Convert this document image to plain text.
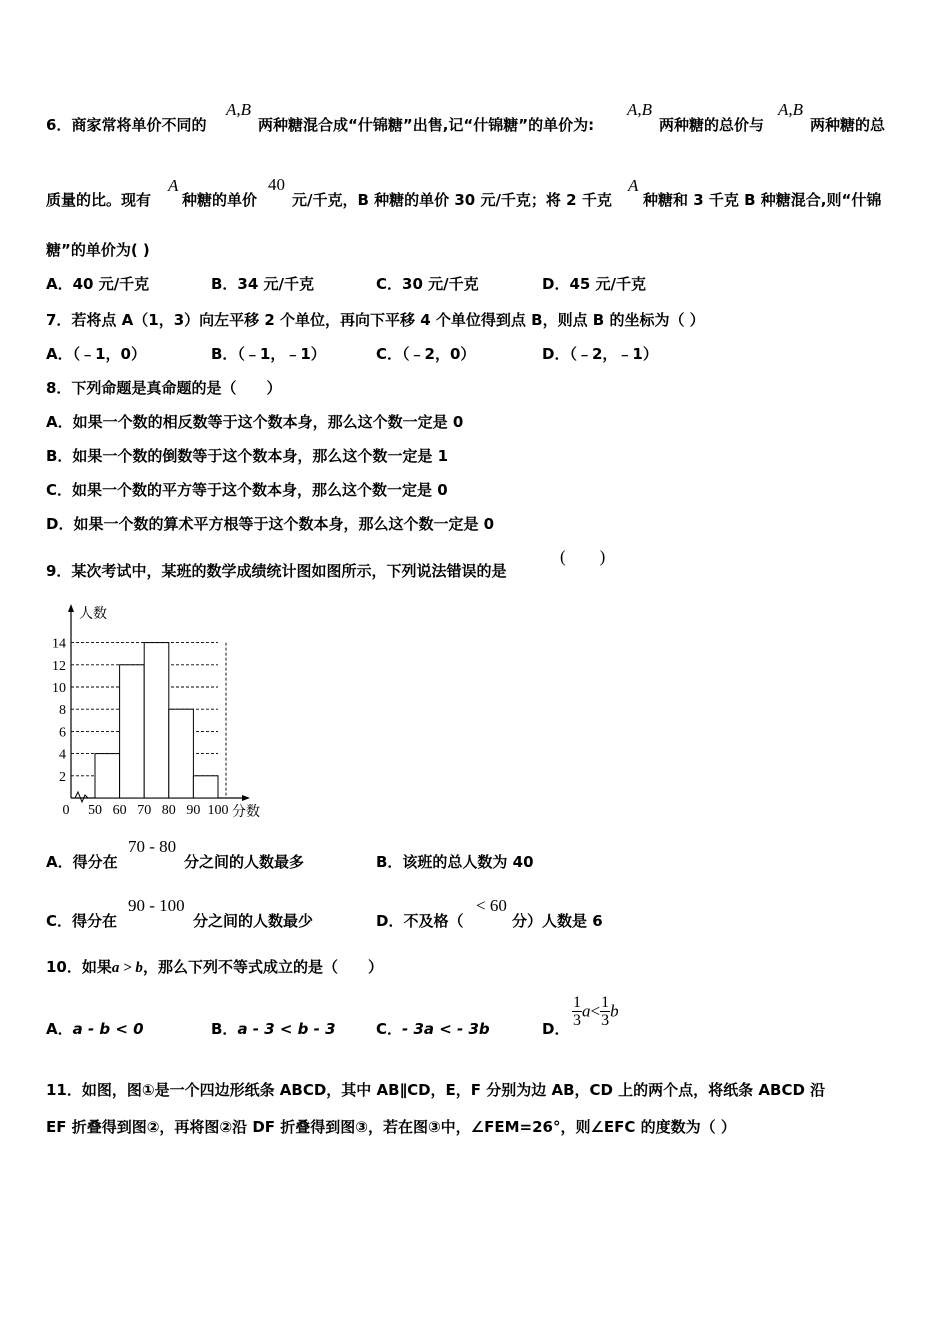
6．商家常将单价不同的
A,B
两种糖混合成“什锦糖”出售,记“什锦糖”的单价为:
A,B
两种糖的总价与
A,B
两种糖的总
质量的比。现有
A
种糖的单价
40
元/千克，B 种糖的单价 30 元/千克；将 2 千克
A
种糖和 3 千克 B 种糖混合,则“什锦
糖”的单价为( )
A．40 元/千克	B．34 元/千克	C．30 元/千克	D．45 元/千克
7．若将点 A（1，3）向左平移 2 个单位，再向下平移 4 个单位得到点 B，则点 B 的坐标为（ ）
A．（﹣1，0）	B．（﹣1，﹣1）	C．（﹣2，0）	D．（﹣2，﹣1）
8．下列命题是真命题的是（　　）
A．如果一个数的相反数等于这个数本身，那么这个数一定是 0
B．如果一个数的倒数等于这个数本身，那么这个数一定是 1
C．如果一个数的平方等于这个数本身，那么这个数一定是 0
D．如果一个数的算术平方根等于这个数本身，那么这个数一定是 0
9．某次考试中，某班的数学成绩统计图如图所示，下列说法错误的是
(　　)
2
4
6
8
10
12
14
0 50 60 70 80 90 100
人数
分数
A．得分在
70 - 80
分之间的人数最多	B．该班的总人数为 40
C．得分在
90 - 100
分之间的人数最少	D．不及格（
< 60
分）人数是 6
10．如果a > b，那么下列不等式成立的是（　　）
A．a - b < 0	B．a - 3 < b - 3	C．- 3a < - 3b	D． $\frac{1}{3} a< \frac{1}{3}$ b
11．如图，图①是一个四边形纸条 ABCD，其中 AB∥CD，E，F 分别为边 AB，CD 上的两个点，将纸条 ABCD 沿
EF 折叠得到图②，再将图②沿 DF 折叠得到图③，若在图③中，∠FEM=26°，则∠EFC 的度数为（ ）
